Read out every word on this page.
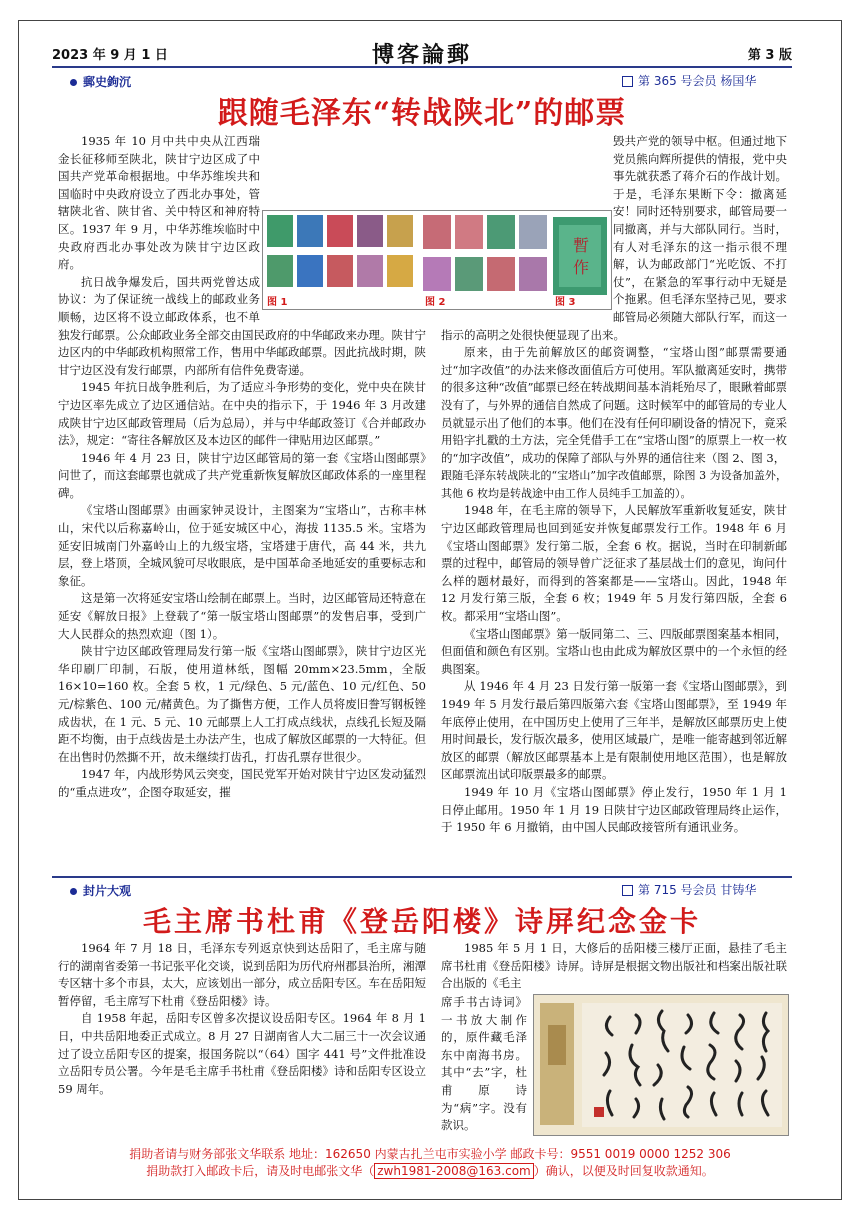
2023 年 9 月 1 日	博客論郵	第 3 版
郵史鉤沉	第 365 号会员 杨国华
跟随毛泽东“转战陕北”的邮票

1935 年 10 月中共中央从江西瑞金长征移师至陕北，陕甘宁边区成了中国共产党革命根据地。中华苏维埃共和国临时中央政府设立了西北办事处，管辖陕北省、陕甘省、关中特区和神府特区。1937 年 9 月，中华苏维埃临时中央政府西北办事处改为陕甘宁边区政府。

抗日战争爆发后，国共两党曾达成协议：为了保证统一战线上的邮政业务顺畅，边区将不设立邮政体系，也不单独发行邮票。公众邮政业务全部交由国民政府的中华邮政来办理。陕甘宁边区内的中华邮政机构照常工作，售用中华邮政邮票。因此抗战时期，陕甘宁边区没有发行邮票，内部所有信件免费寄递。

1945 年抗日战争胜利后，为了适应斗争形势的变化，党中央在陕甘宁边区率先成立了边区通信站。在中央的指示下，于 1946 年 3 月改建成陕甘宁边区邮政管理局（后为总局），并与中华邮政签订《合并邮政办法》，规定：“寄往各解放区及本边区的邮件一律贴用边区邮票。”

1946 年 4 月 23 日，陕甘宁边区邮管局的第一套《宝塔山图邮票》问世了，而这套邮票也就成了共产党重新恢复解放区邮政体系的一座里程碑。

《宝塔山图邮票》由画家钟灵设计，主图案为“宝塔山”，古称丰林山，宋代以后称嘉岭山，位于延安城区中心，海拔 1135.5 米。宝塔为延安旧城南门外嘉岭山上的九级宝塔，宝塔建于唐代，高 44 米，共九层，登上塔顶，全城风貌可尽收眼底，是中国革命圣地延安的重要标志和象征。

这是第一次将延安宝塔山绘制在邮票上。当时，边区邮管局还特意在延安《解放日报》上登载了“第一版宝塔山图邮票”的发售启事，受到广大人民群众的热烈欢迎（图 1）。

陕甘宁边区邮政管理局发行第一版《宝塔山图邮票》，陕甘宁边区光华印刷厂印制，石版，使用道林纸，图幅 20mm×23.5mm，全版 16×10=160 枚。全套 5 枚，1 元/绿色、5 元/蓝色、10 元/红色、50 元/棕紫色、100 元/赭黄色。为了撕售方便，工作人员将废旧誊写钢板锉成齿状，在 1 元、5 元、10 元邮票上人工打成点线状，点线孔长短及隔距不均衡，由于点线齿是土办法产生，也成了解放区邮票的一大特征。但在出售时仍然撕不开，故未继续打齿孔，打齿孔票存世很少。

1947 年，内战形势风云突变，国民党军开始对陕甘宁边区发动猛烈的“重点进攻”，企图夺取延安，摧

毁共产党的领导中枢。但通过地下党员熊向辉所提供的情报，党中央事先就获悉了蒋介石的作战计划。于是，毛泽东果断下令：撤离延安！同时还特别要求，邮管局要一同撤离，并与大部队同行。当时，有人对毛泽东的这一指示很不理解，认为邮政部门“光吃饭、不打仗”，在紧急的军事行动中无疑是个拖累。但毛泽东坚持己见，要求邮管局必须随大部队行军，而这一指示的高明之处很快便显现了出来。

原来，由于先前解放区的邮资调整，“宝塔山图”邮票需要通过“加字改值”的办法来修改面值后方可使用。军队撤离延安时，携带的很多这种“改值”邮票已经在转战期间基本消耗殆尽了，眼瞅着邮票没有了，与外界的通信自然成了问题。这时候军中的邮管局的专业人员就显示出了他们的本事。他们在没有任何印刷设备的情况下，竟采用铅字扎戳的土方法，完全凭借手工在“宝塔山图”的原票上一枚一枚的“加字改值”，成功的保障了部队与外界的通信往来（图 2、图 3，

跟随毛泽东转战陕北的“宝塔山”加字改值邮票，除图 3 为设备加盖外，其他 6 枚均是转战途中由工作人员纯手工加盖的）。

1948 年，在毛主席的领导下，人民解放军重新收复延安，陕甘宁边区邮政管理局也回到延安并恢复邮票发行工作。1948 年 6 月《宝塔山图邮票》发行第二版，全套 6 枚。据说，当时在印制新邮票的过程中，邮管局的领导曾广泛征求了基层战士们的意见，询问什么样的题材最好，而得到的答案都是——宝塔山。因此，1948 年 12 月发行第三版，全套 6 枚；1949 年 5 月发行第四版，全套 6 枚。都采用“宝塔山图”。

《宝塔山图邮票》第一版同第二、三、四版邮票图案基本相同，但面值和颜色有区别。宝塔山也由此成为解放区票中的一个永恒的经典图案。

从 1946 年 4 月 23 日发行第一版第一套《宝塔山图邮票》，到 1949 年 5 月发行最后第四版第六套《宝塔山图邮票》，至 1949 年年底停止使用，在中国历史上使用了三年半，是解放区邮票历史上使用时间最长，发行版次最多，使用区域最广，是唯一能寄越到邻近解放区的邮票（解放区邮票基本上是有限制使用地区范围），也是解放区邮票流出试印版票最多的邮票。

1949 年 10 月《宝塔山图邮票》停止发行，1950 年 1 月 1 日停止邮用。1950 年 1 月 19 日陕甘宁边区邮政管理局终止运作，于 1950 年 6 月撤销，由中国人民邮政接管所有通讯业务。

暫
作
图 1	图 2	图 3
封片大观	第 715 号会员 甘铸华
毛主席书杜甫《登岳阳楼》诗屏纪念金卡

1964 年 7 月 18 日，毛泽东专列返京快到达岳阳了，毛主席与随行的湖南省委第一书记张平化交谈，说到岳阳为历代府州郡县治所，湘潭专区辖十多个市县，太大，应该划出一部分，成立岳阳专区。车在岳阳短暂停留，毛主席写下杜甫《登岳阳楼》诗。

自 1958 年起，岳阳专区曾多次提议设岳阳专区。1964 年 8 月 1 日，中共岳阳地委正式成立。8 月 27 日湖南省人大二届三十一次会议通过了设立岳阳专区的提案，报国务院以“（64）国字 441 号”文件批准设立岳阳专员公署。今年是毛主席手书杜甫《登岳阳楼》诗和岳阳专区设立 59 周年。

1985 年 5 月 1 日，大修后的岳阳楼三楼厅正面，悬挂了毛主席书杜甫《登岳阳楼》诗屏。诗屏是根据文物出版社和档案出版社联合出版的《毛主

席手书古诗词》一书放大制作的，原件藏毛泽东中南海书房。其中“去”字，杜甫原诗为“病”字。没有款识。

捐助者请与财务部张文华联系 地址：162650 内蒙古扎兰屯市实验小学 邮政卡号：9551 0019 0000 1252 306
捐助款打入邮政卡后，请及时电邮张文华（ zwh1981-2008@163.com ）确认，以便及时回复收款通知。
